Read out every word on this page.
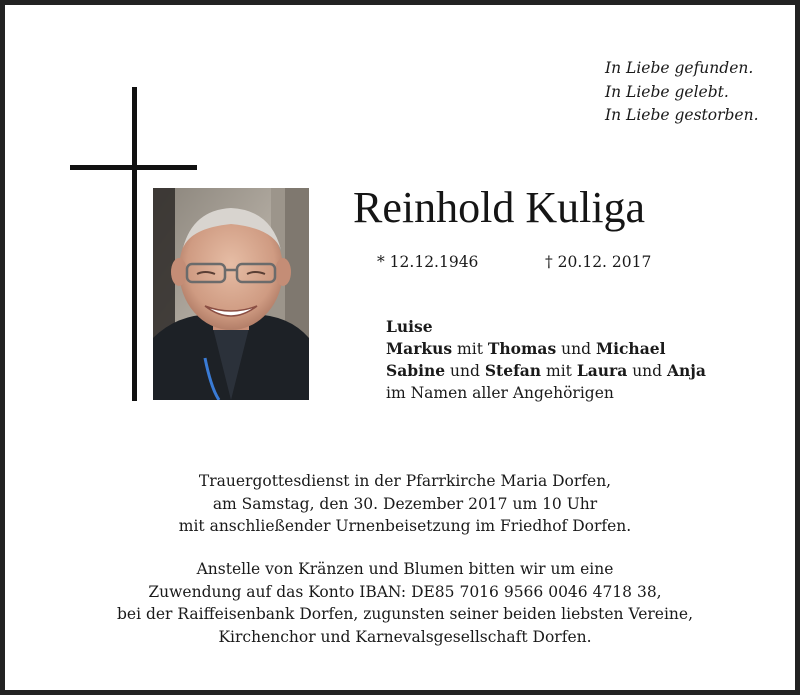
In Liebe gefunden.
In Liebe gelebt.
In Liebe gestorben.
Reinhold Kuliga
* 12.12.1946	† 20.12. 2017
Luise
Markus mit Thomas und Michael
Sabine und Stefan mit Laura und Anja
im Namen aller Angehörigen
Trauergottesdienst in der Pfarrkirche Maria Dorfen,
am Samstag, den 30. Dezember 2017 um 10 Uhr
mit anschließender Urnenbeisetzung im Friedhof Dorfen.
Anstelle von Kränzen und Blumen bitten wir um eine
Zuwendung auf das Konto IBAN: DE85 7016 9566 0046 4718 38,
bei der Raiffeisenbank Dorfen, zugunsten seiner beiden liebsten Vereine,
Kirchenchor und Karnevalsgesellschaft Dorfen.
